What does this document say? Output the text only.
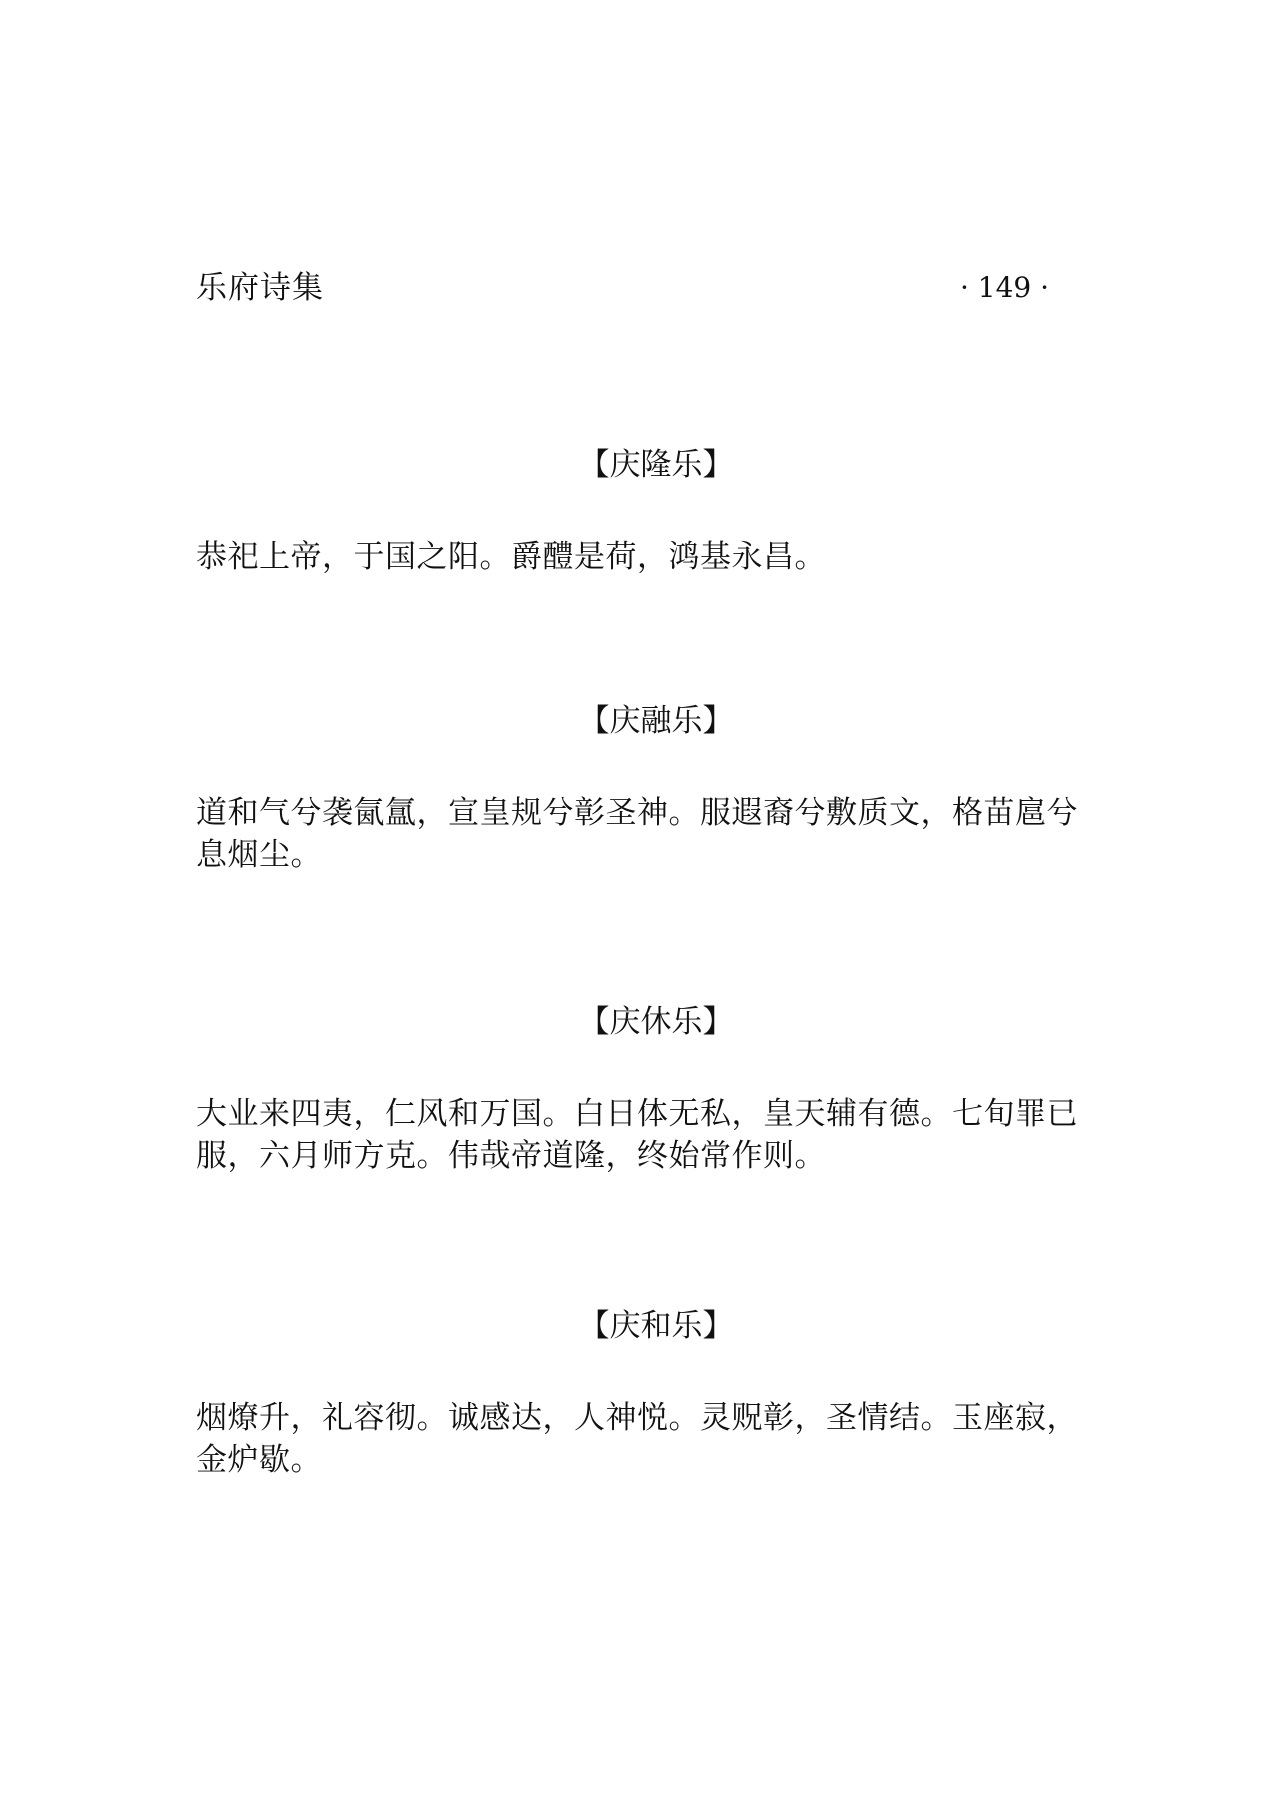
乐府诗集	· 149 ·
【庆隆乐】
恭祀上帝，于国之阳。爵醴是荷，鸿基永昌。
【庆融乐】
道和气兮袭氤氲，宣皇规兮彰圣神。服遐裔兮敷质文，格苗扈兮息烟尘。
【庆休乐】
大业来四夷，仁风和万国。白日体无私，皇天辅有德。七旬罪已服，六月师方克。伟哉帝道隆，终始常作则。
【庆和乐】
烟燎升，礼容彻。诚感达，人神悦。灵贶彰，圣情结。玉座寂，金炉歇。
